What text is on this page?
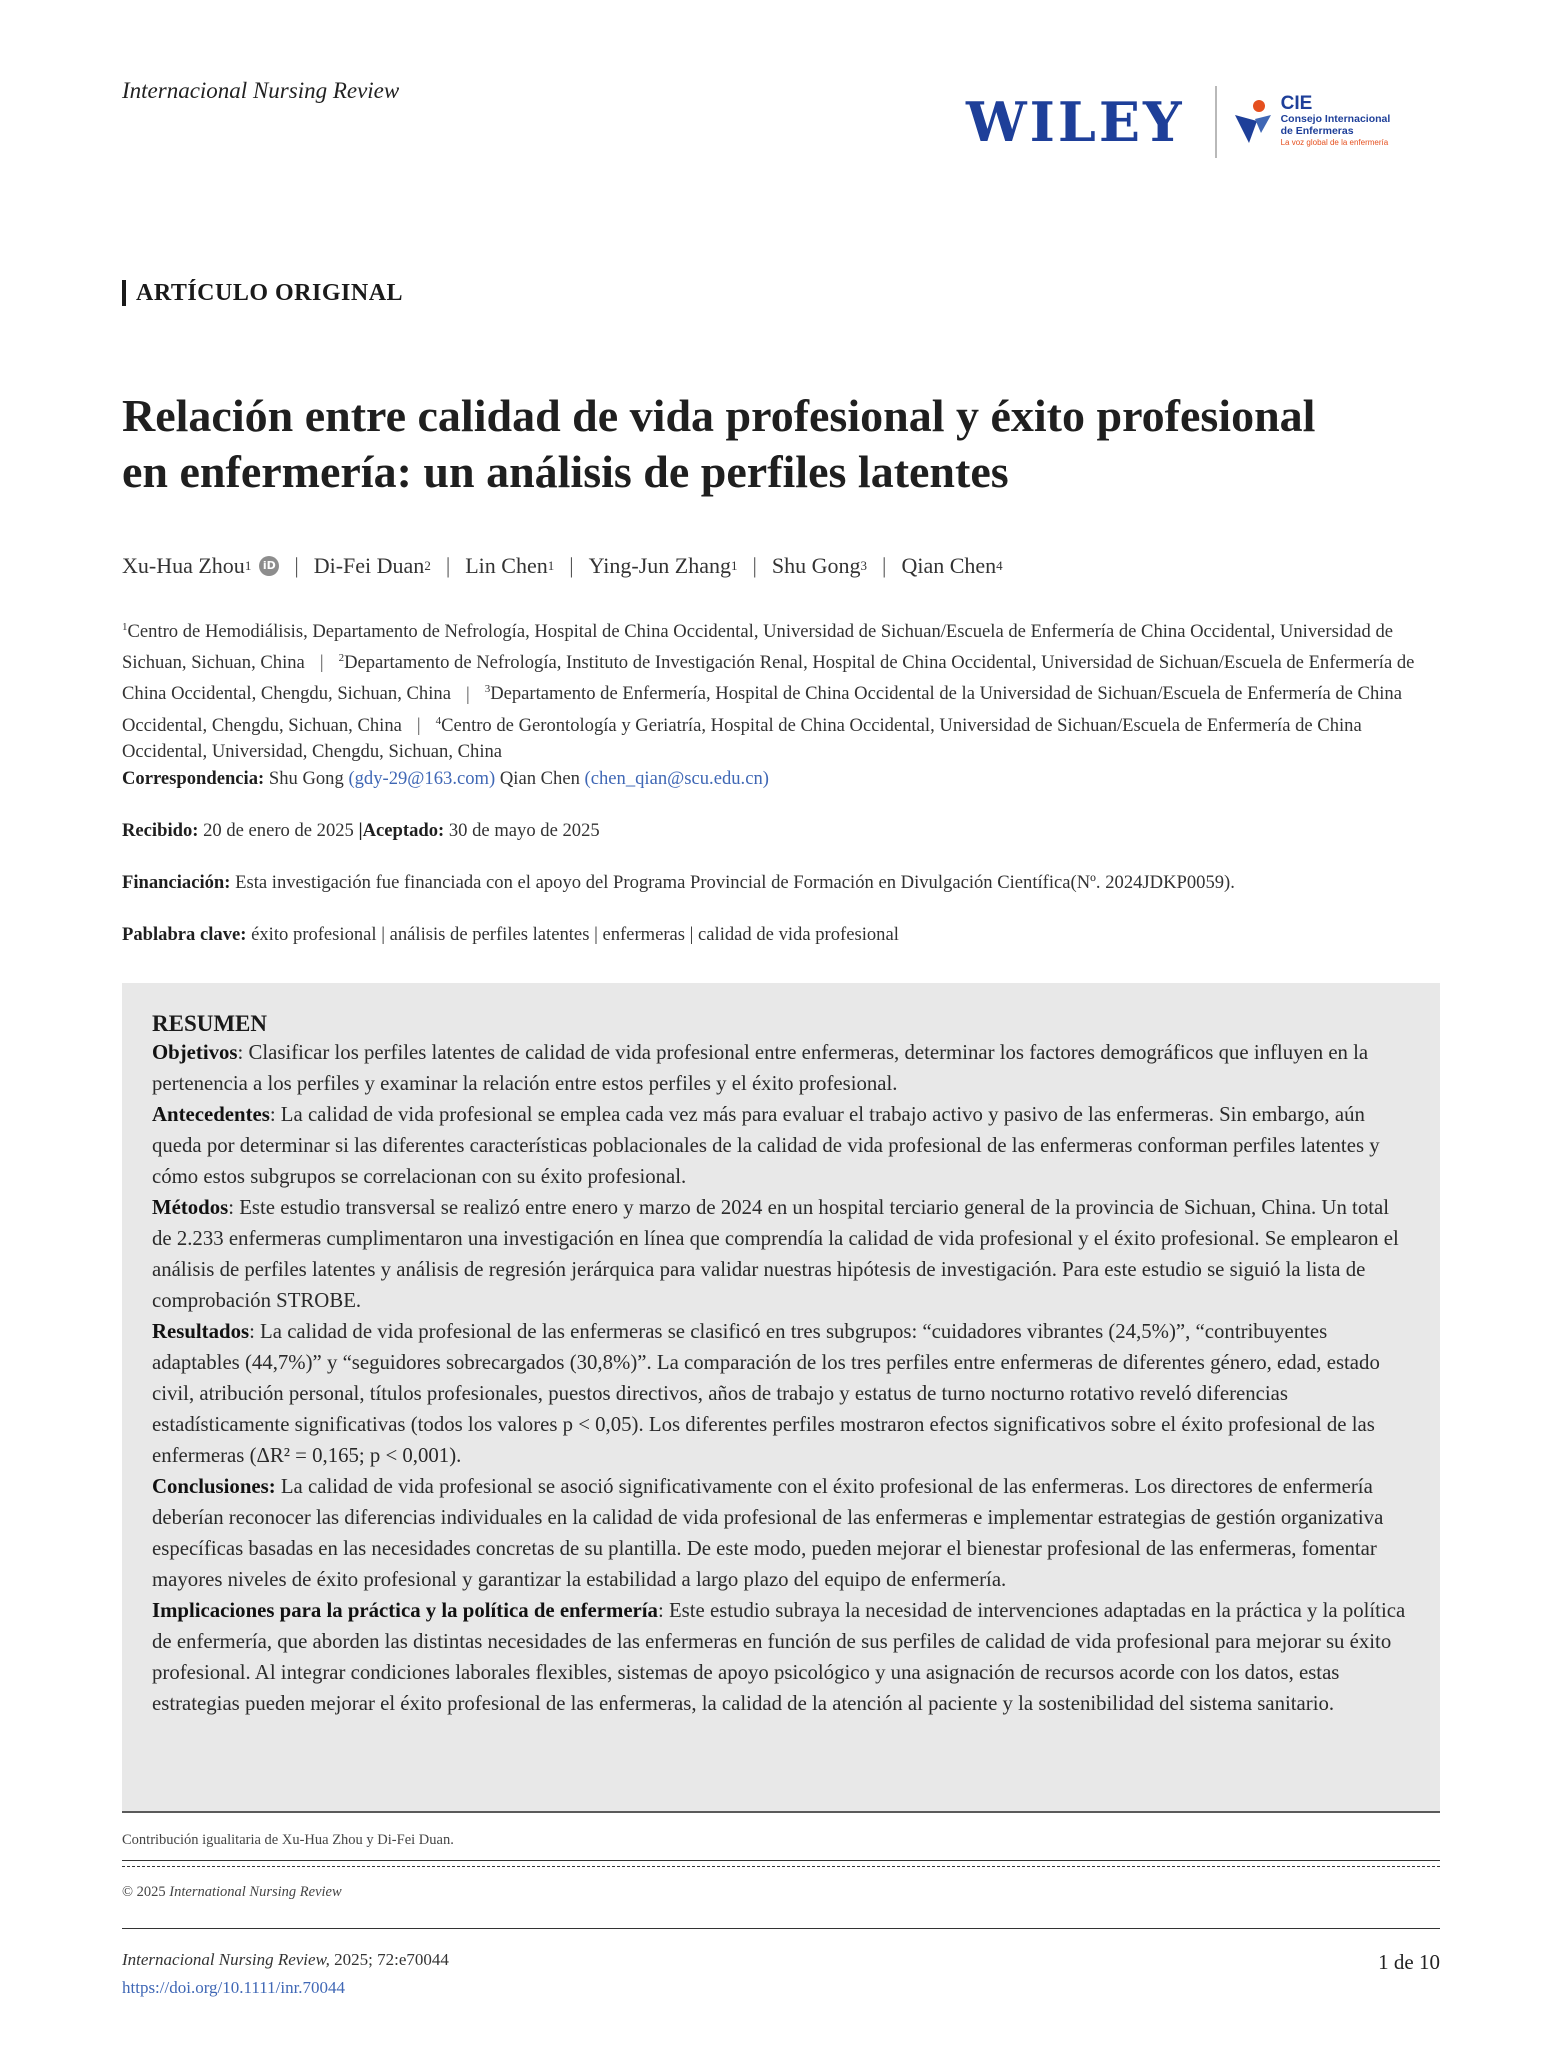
Internacional Nursing Review	WILEY	CIE
Consejo Internacional
de Enfermeras
La voz global de la enfermería
ARTÍCULO ORIGINAL
Relación entre calidad de vida profesional y éxito profesional
en enfermería: un análisis de perfiles latentes
Xu-Hua Zhou 1	iD | Di-Fei Duan 2 | Lin Chen 1 | Ying-Jun Zhang 1 | Shu Gong 3 | Qian Chen 4

$^1$Centro de Hemodiálisis, Departamento de Nefrología, Hospital de China Occidental, Universidad de Sichuan/Escuela de Enfermería de China Occidental, Universidad de Sichuan, Sichuan, China | $^2$Departamento de Nefrología, Instituto de Investigación Renal, Hospital de China Occidental, Universidad de Sichuan/Escuela de Enfermería de China Occidental, Chengdu, Sichuan, China | $^3$Departamento de Enfermería, Hospital de China Occidental de la Universidad de Sichuan/Escuela de Enfermería de China Occidental, Chengdu, Sichuan, China | $^4$Centro de Gerontología y Geriatría, Hospital de China Occidental, Universidad de Sichuan/Escuela de Enfermería de China Occidental, Universidad, Chengdu, Sichuan, China

Correspondencia: Shu Gong (gdy-29@163.com) Qian Chen (chen_qian@scu.edu.cn)
Recibido: 20 de enero de 2025 |Aceptado: 30 de mayo de 2025
Financiación: Esta investigación fue financiada con el apoyo del Programa Provincial de Formación en Divulgación Científica(Nº. 2024JDKP0059).
Pablabra clave: éxito profesional | análisis de perfiles latentes | enfermeras | calidad de vida profesional
RESUMEN

Objetivos: Clasificar los perfiles latentes de calidad de vida profesional entre enfermeras, determinar los factores demográficos que influyen en la pertenencia a los perfiles y examinar la relación entre estos perfiles y el éxito profesional.
Antecedentes: La calidad de vida profesional se emplea cada vez más para evaluar el trabajo activo y pasivo de las enfermeras. Sin embargo, aún queda por determinar si las diferentes características poblacionales de la calidad de vida profesional de las enfermeras conforman perfiles latentes y cómo estos subgrupos se correlacionan con su éxito profesional.
Métodos: Este estudio transversal se realizó entre enero y marzo de 2024 en un hospital terciario general de la provincia de Sichuan, China. Un total de 2.233 enfermeras cumplimentaron una investigación en línea que comprendía la calidad de vida profesional y el éxito profesional. Se emplearon el análisis de perfiles latentes y análisis de regresión jerárquica para validar nuestras hipótesis de investigación. Para este estudio se siguió la lista de comprobación STROBE.
Resultados: La calidad de vida profesional de las enfermeras se clasificó en tres subgrupos: “cuidadores vibrantes (24,5%)”, “contribuyentes adaptables (44,7%)” y “seguidores sobrecargados (30,8%)”. La comparación de los tres perfiles entre enfermeras de diferentes género, edad, estado civil, atribución personal, títulos profesionales, puestos directivos, años de trabajo y estatus de turno nocturno rotativo reveló diferencias estadísticamente significativas (todos los valores p < 0,05). Los diferentes perfiles mostraron efectos significativos sobre el éxito profesional de las enfermeras (ΔR² = 0,165; p < 0,001).
Conclusiones: La calidad de vida profesional se asoció significativamente con el éxito profesional de las enfermeras. Los directores de enfermería deberían reconocer las diferencias individuales en la calidad de vida profesional de las enfermeras e implementar estrategias de gestión organizativa específicas basadas en las necesidades concretas de su plantilla. De este modo, pueden mejorar el bienestar profesional de las enfermeras, fomentar mayores niveles de éxito profesional y garantizar la estabilidad a largo plazo del equipo de enfermería.
Implicaciones para la práctica y la política de enfermería: Este estudio subraya la necesidad de intervenciones adaptadas en la práctica y la política de enfermería, que aborden las distintas necesidades de las enfermeras en función de sus perfiles de calidad de vida profesional para mejorar su éxito profesional. Al integrar condiciones laborales flexibles, sistemas de apoyo psicológico y una asignación de recursos acorde con los datos, estas estrategias pueden mejorar el éxito profesional de las enfermeras, la calidad de la atención al paciente y la sostenibilidad del sistema sanitario.

Contribución igualitaria de Xu-Hua Zhou y Di-Fei Duan.
© 2025 International Nursing Review
Internacional Nursing Review, 2025; 72:e70044
https://doi.org/10.1111/inr.70044
1 de 10
